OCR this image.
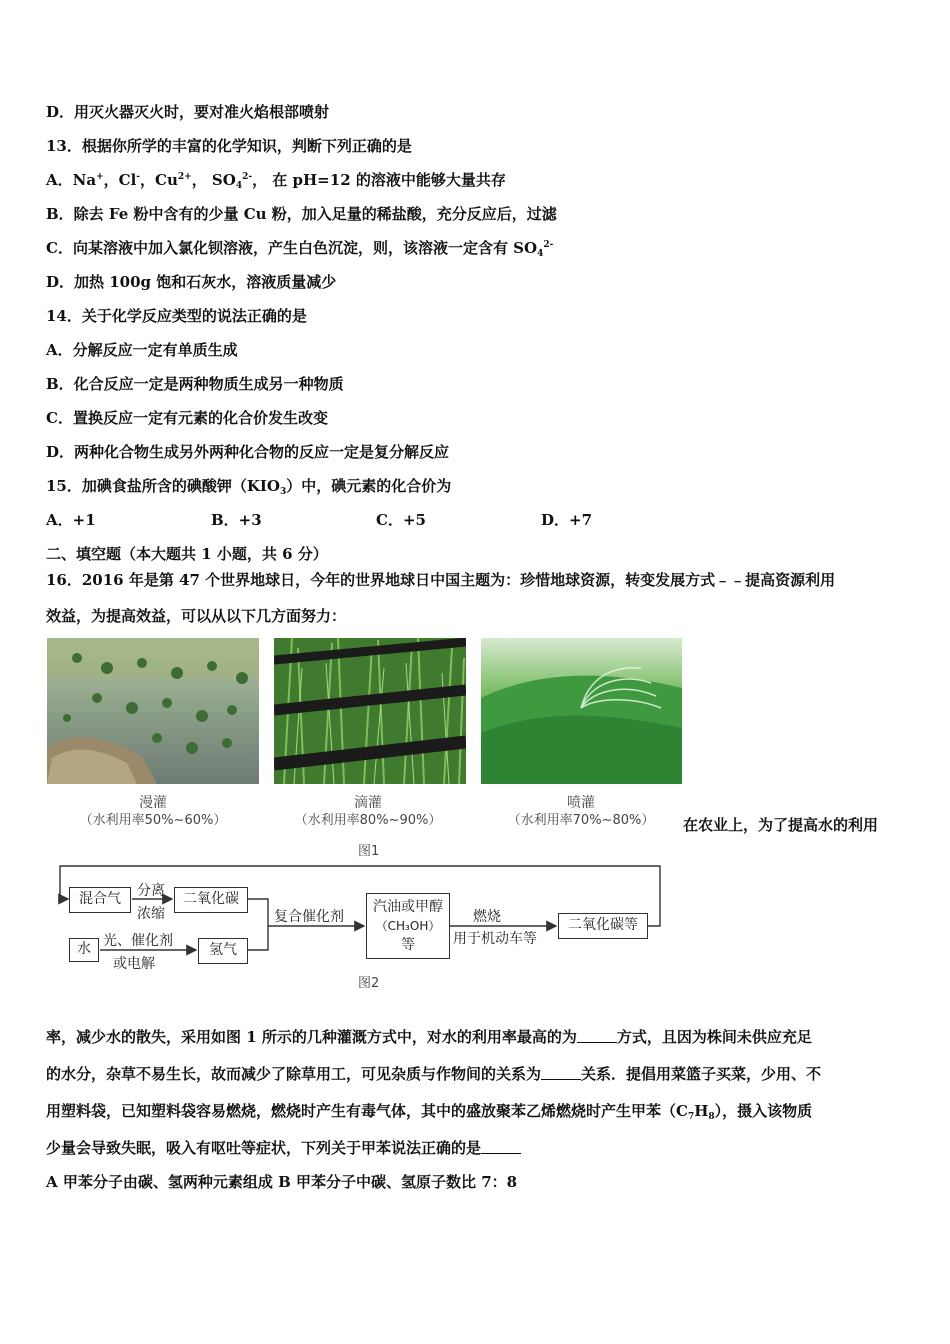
D．用灭火器灭火时，要对准火焰根部喷射
13．根据你所学的丰富的化学知识，判断下列正确的是
A．Na+，Cl-，$Cu^{2+}$， $SO_4^{2-}$， 在 pH=12 的溶液中能够大量共存
B．除去 Fe 粉中含有的少量 Cu 粉，加入足量的稀盐酸，充分反应后，过滤
C．向某溶液中加入氯化钡溶液，产生白色沉淀，则，该溶液一定含有 $SO_4^{2-}$
D．加热 100g 饱和石灰水，溶液质量减少
14．关于化学反应类型的说法正确的是
A．分解反应一定有单质生成
B．化合反应一定是两种物质生成另一种物质
C．置换反应一定有元素的化合价发生改变
D．两种化合物生成另外两种化合物的反应一定是复分解反应
15．加碘食盐所含的碘酸钾$(KIO_3)$中，碘元素的化合价为
A．+1	B．+3	C．+5	D．+7
二、填空题（本大题共 1 小题，共 6 分）
16．2016 年是第 47 个世界地球日，今年的世界地球日中国主题为：珍惜地球资源，转变发展方式﹣﹣提高资源利用
效益，为提高效益，可以从以下几方面努力：
漫灌
（水利用率50%~60%）
滴灌
（水利用率80%~90%）
喷灌
（水利用率70%~80%）	在农业上，为了提高水的利用
图1
混合气	分离
浓缩
二氧化碳
水 光、催化剂
或电解
氢气
复合催化剂
汽油或甲醇
（CH₃OH）
等
燃烧
用于机动车等
二氧化碳等
图2
率，减少水的散失，采用如图 1 所示的几种灌溉方式中，对水的利用率最高的为	方式，且因为株间未供应充足
的水分，杂草不易生长，故而减少了除草用工，可见杂质与作物间的关系为	关系．提倡用菜篮子买菜，少用、不
用塑料袋，已知塑料袋容易燃烧，燃烧时产生有毒气体，其中的盛放聚苯乙烯燃烧时产生甲苯$(C_7H_8)$，摄入该物质
少量会导致失眠，吸入有呕吐等症状，下列关于甲苯说法正确的是
A 甲苯分子由碳、氢两种元素组成 B 甲苯分子中碳、氢原子数比 7：8
